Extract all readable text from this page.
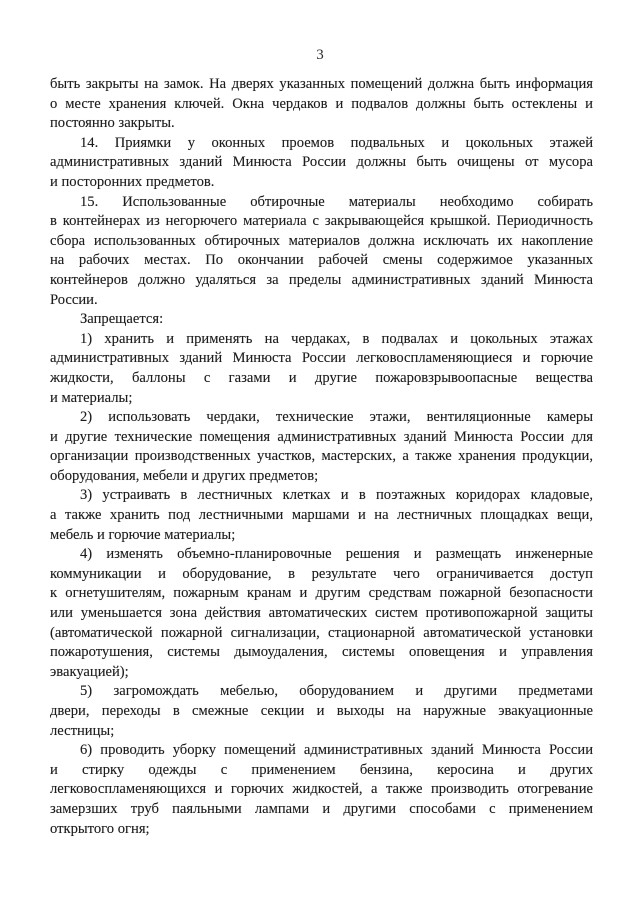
3

быть закрыты на замок. На дверях указанных помещений должна быть информация
о месте хранения ключей. Окна чердаков и подвалов должны быть остеклены и
постоянно закрыты.

14. Приямки у оконных проемов подвальных и цокольных этажей
административных зданий Минюста России должны быть очищены от мусора
и посторонних предметов.

15. Использованные обтирочные материалы необходимо собирать
в контейнерах из негорючего материала с закрывающейся крышкой. Периодичность
сбора использованных обтирочных материалов должна исключать их накопление
на рабочих местах. По окончании рабочей смены содержимое указанных
контейнеров должно удаляться за пределы административных зданий Минюста
России.

Запрещается:

1) хранить и применять на чердаках, в подвалах и цокольных этажах
административных зданий Минюста России легковоспламеняющиеся и горючие
жидкости, баллоны с газами и другие пожаровзрывоопасные вещества
и материалы;

2) использовать чердаки, технические этажи, вентиляционные камеры
и другие технические помещения административных зданий Минюста России для
организации производственных участков, мастерских, а также хранения продукции,
оборудования, мебели и других предметов;

3) устраивать в лестничных клетках и в поэтажных коридорах кладовые,
а также хранить под лестничными маршами и на лестничных площадках вещи,
мебель и горючие материалы;

4) изменять объемно-планировочные решения и размещать инженерные
коммуникации и оборудование, в результате чего ограничивается доступ
к огнетушителям, пожарным кранам и другим средствам пожарной безопасности
или уменьшается зона действия автоматических систем противопожарной защиты
(автоматической пожарной сигнализации, стационарной автоматической установки
пожаротушения, системы дымоудаления, системы оповещения и управления
эвакуацией);

5) загромождать мебелью, оборудованием и другими предметами
двери, переходы в смежные секции и выходы на наружные эвакуационные
лестницы;

6) проводить уборку помещений административных зданий Минюста России
и стирку одежды с применением бензина, керосина и других
легковоспламеняющихся и горючих жидкостей, а также производить отогревание
замерзших труб паяльными лампами и другими способами с применением
открытого огня;
